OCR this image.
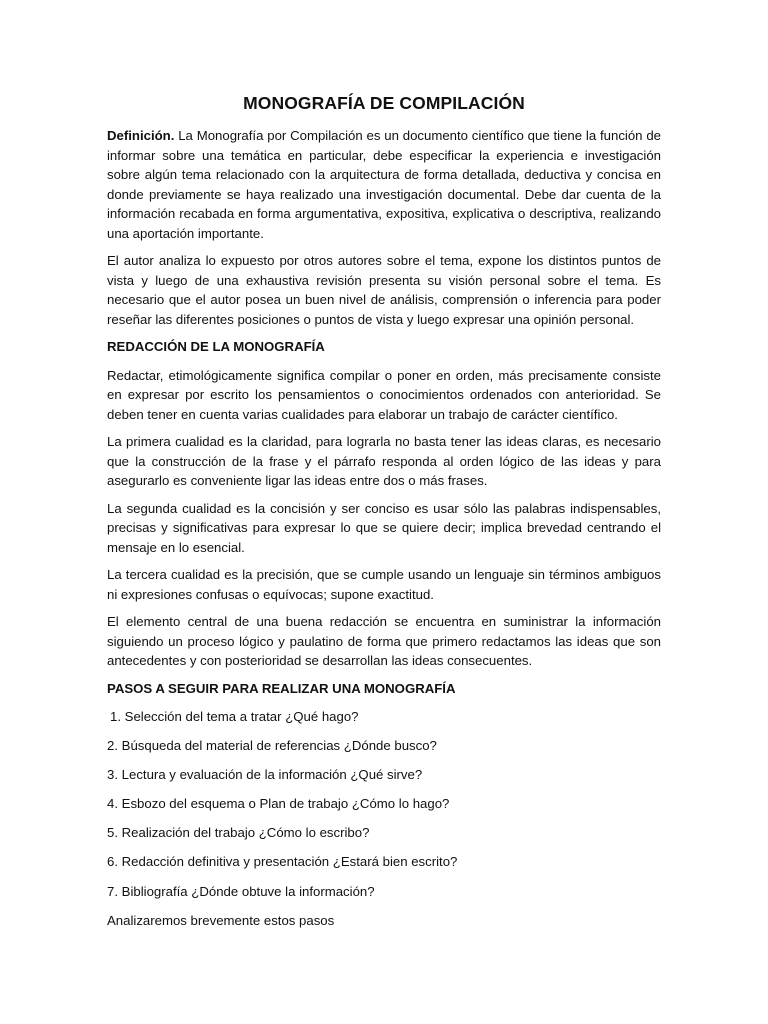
MONOGRAFÍA DE COMPILACIÓN

Definición. La Monografía por Compilación es un documento científico que tiene la función de informar sobre una temática en particular, debe especificar la experiencia e investigación sobre algún tema relacionado con la arquitectura de forma detallada, deductiva y concisa en donde previamente se haya realizado una investigación documental. Debe dar cuenta de la información recabada en forma argumentativa, expositiva, explicativa o descriptiva, realizando una aportación importante.

El autor analiza lo expuesto por otros autores sobre el tema, expone los distintos puntos de vista y luego de una exhaustiva revisión presenta su visión personal sobre el tema. Es necesario que el autor posea un buen nivel de análisis, comprensión o inferencia para poder reseñar las diferentes posiciones o puntos de vista y luego expresar una opinión personal.

REDACCIÓN DE LA MONOGRAFÍA

Redactar, etimológicamente significa compilar o poner en orden, más precisamente consiste en expresar por escrito los pensamientos o conocimientos ordenados con anterioridad. Se deben tener en cuenta varias cualidades para elaborar un trabajo de carácter científico.

La primera cualidad es la claridad, para lograrla no basta tener las ideas claras, es necesario que la construcción de la frase y el párrafo responda al orden lógico de las ideas y para asegurarlo es conveniente ligar las ideas entre dos o más frases.

La segunda cualidad es la concisión y ser conciso es usar sólo las palabras indispensables, precisas y significativas para expresar lo que se quiere decir; implica brevedad centrando el mensaje en lo esencial.

La tercera cualidad es la precisión, que se cumple usando un lenguaje sin términos ambiguos ni expresiones confusas o equívocas; supone exactitud.

El elemento central de una buena redacción se encuentra en suministrar la información siguiendo un proceso lógico y paulatino de forma que primero redactamos las ideas que son antecedentes y con posterioridad se desarrollan las ideas consecuentes.

PASOS A SEGUIR PARA REALIZAR UNA MONOGRAFÍA
1. Selección del tema a tratar ¿Qué hago?
2. Búsqueda del material de referencias ¿Dónde busco?
3. Lectura y evaluación de la información ¿Qué sirve?
4. Esbozo del esquema o Plan de trabajo ¿Cómo lo hago?
5. Realización del trabajo ¿Cómo lo escribo?
6. Redacción definitiva y presentación ¿Estará bien escrito?
7. Bibliografía ¿Dónde obtuve la información?

Analizaremos brevemente estos pasos
